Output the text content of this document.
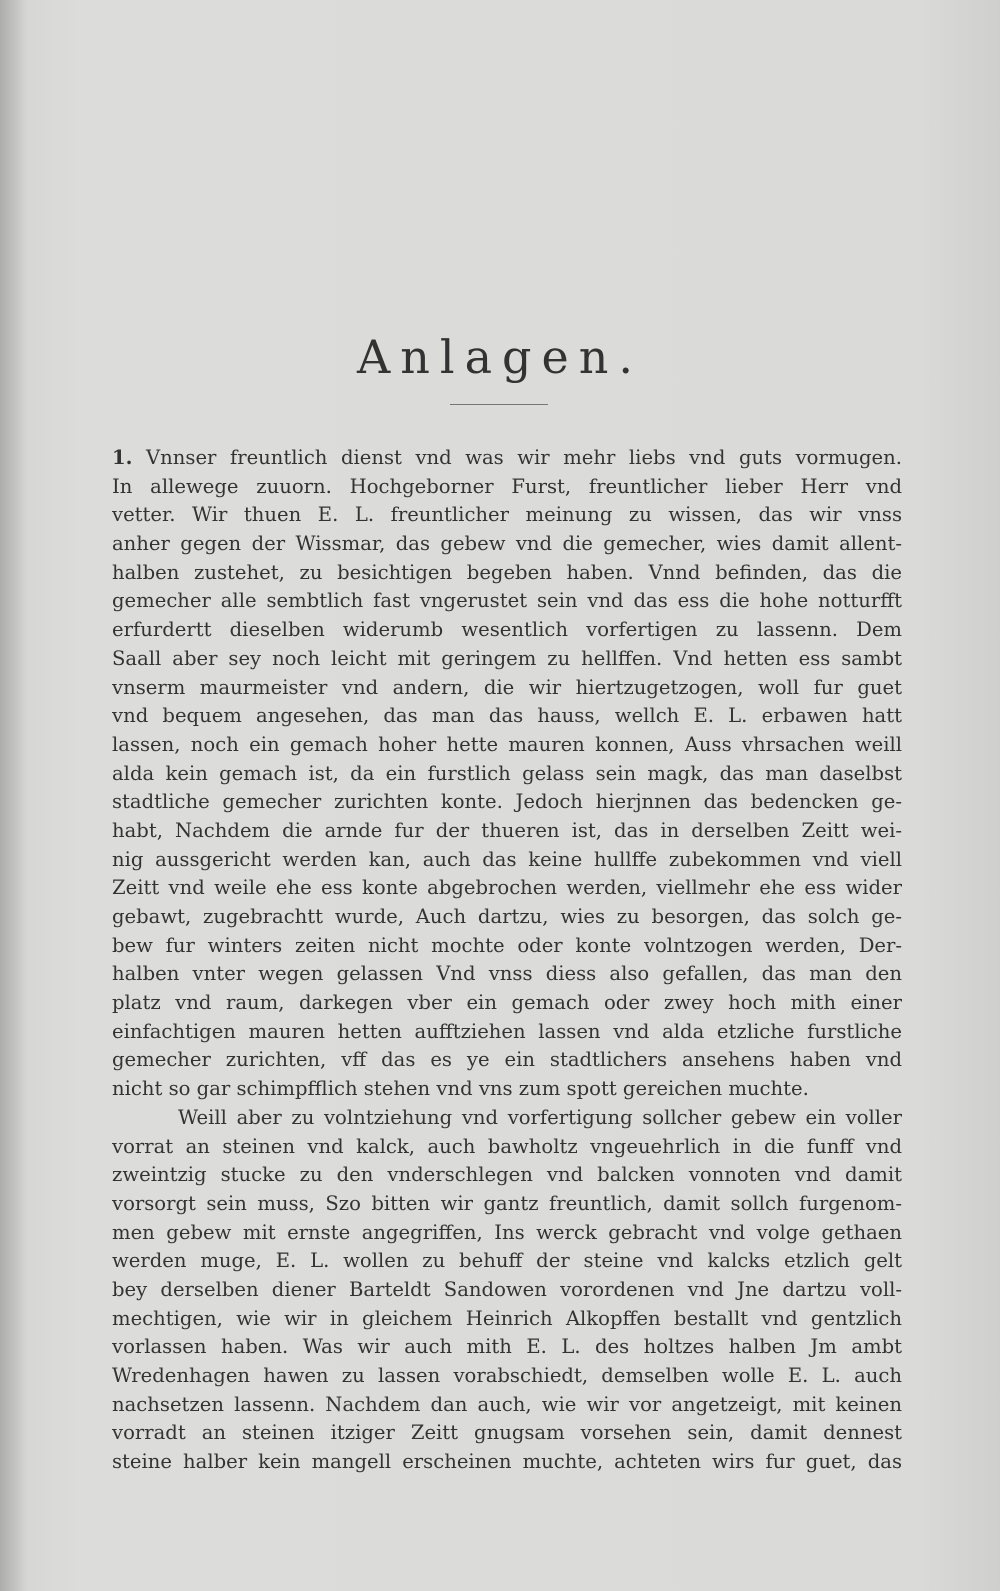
Anlagen.
1. Vnnser freuntlich dienst vnd was wir mehr liebs vnd guts vormugen.
In allewege zuuorn. Hochgeborner Furst, freuntlicher lieber Herr vnd
vetter. Wir thuen E. L. freuntlicher meinung zu wissen, das wir vnss
anher gegen der Wissmar, das gebew vnd die gemecher, wies damit allent-
halben zustehet, zu besichtigen begeben haben. Vnnd befinden, das die
gemecher alle sembtlich fast vngerustet sein vnd das ess die hohe notturfft
erfurdertt dieselben widerumb wesentlich vorfertigen zu lassenn. Dem
Saall aber sey noch leicht mit geringem zu hellffen. Vnd hetten ess sambt
vnserm maurmeister vnd andern, die wir hiertzugetzogen, woll fur guet
vnd bequem angesehen, das man das hauss, wellch E. L. erbawen hatt
lassen, noch ein gemach hoher hette mauren konnen, Auss vhrsachen weill
alda kein gemach ist, da ein furstlich gelass sein magk, das man daselbst
stadtliche gemecher zurichten konte. Jedoch hierjnnen das bedencken ge-
habt, Nachdem die arnde fur der thueren ist, das in derselben Zeitt wei-
nig aussgericht werden kan, auch das keine hullffe zubekommen vnd viell
Zeitt vnd weile ehe ess konte abgebrochen werden, viellmehr ehe ess wider
gebawt, zugebrachtt wurde, Auch dartzu, wies zu besorgen, das solch ge-
bew fur winters zeiten nicht mochte oder konte volntzogen werden, Der-
halben vnter wegen gelassen Vnd vnss diess also gefallen, das man den
platz vnd raum, darkegen vber ein gemach oder zwey hoch mith einer
einfachtigen mauren hetten aufftziehen lassen vnd alda etzliche furstliche
gemecher zurichten, vff das es ye ein stadtlichers ansehens haben vnd
nicht so gar schimpfflich stehen vnd vns zum spott gereichen muchte.
Weill aber zu volntziehung vnd vorfertigung sollcher gebew ein voller
vorrat an steinen vnd kalck, auch bawholtz vngeuehrlich in die funff vnd
zweintzig stucke zu den vnderschlegen vnd balcken vonnoten vnd damit
vorsorgt sein muss, Szo bitten wir gantz freuntlich, damit sollch furgenom-
men gebew mit ernste angegriffen, Ins werck gebracht vnd volge gethaen
werden muge, E. L. wollen zu behuff der steine vnd kalcks etzlich gelt
bey derselben diener Barteldt Sandowen vorordenen vnd Jne dartzu voll-
mechtigen, wie wir in gleichem Heinrich Alkopffen bestallt vnd gentzlich
vorlassen haben. Was wir auch mith E. L. des holtzes halben Jm ambt
Wredenhagen hawen zu lassen vorabschiedt, demselben wolle E. L. auch
nachsetzen lassenn. Nachdem dan auch, wie wir vor angetzeigt, mit keinen
vorradt an steinen itziger Zeitt gnugsam vorsehen sein, damit dennest
steine halber kein mangell erscheinen muchte, achteten wirs fur guet, das
